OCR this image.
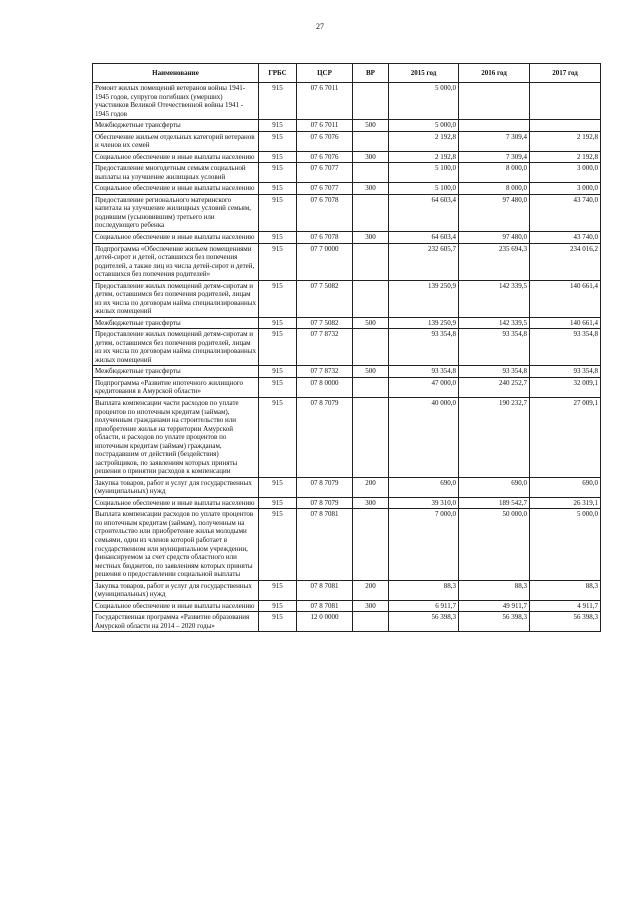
27
Наименование	ГРБС	ЦСР	ВР	2015 год	2016 год	2017 год
Ремонт жилых помещений ветеранов войны 1941-1945 годов, супругов погибших (умерших) участников Великой Отечественной войны 1941 - 1945 годов	915	07 6 7011		5 000,0		
Межбюджетные трансферты	915	07 6 7011	500	5 000,0		
Обеспечение жильем отдельных категорий ветеранов и членов их семей	915	07 6 7076		2 192,8	7 309,4	2 192,8
Социальное обеспечение и иные выплаты населению	915	07 6 7076	300	2 192,8	7 309,4	2 192,8
Предоставление многодетным семьям социальной выплаты на улучшение жилищных условий	915	07 6 7077		5 100,0	8 000,0	3 000,0
Социальное обеспечение и иные выплаты населению	915	07 6 7077	300	5 100,0	8 000,0	3 000,0
Предоставление регионального материнского капитала на улучшение жилищных условий семьям, родившим (усыновившим) третьего или последующего ребенка	915	07 6 7078		64 603,4	97 480,0	43 740,0
Социальное обеспечение и иные выплаты населению	915	07 6 7078	300	64 603,4	97 480,0	43 740,0
Подпрограмма «Обеспечение жильем помещениями детей-сирот и детей, оставшихся без попечения родителей, а также лиц из числа детей-сирот и детей, оставшихся без попечения родителей»	915	07 7 0000		232 605,7	235 694,3	234 016,2
Предоставление жилых помещений детям-сиротам и детям, оставшимся без попечения родителей, лицам из их числа по договорам найма специализированных жилых помещений	915	07 7 5082		139 250,9	142 339,5	140 661,4
Межбюджетные трансферты	915	07 7 5082	500	139 250,9	142 339,5	140 661,4
Предоставление жилых помещений детям-сиротам и детям, оставшимся без попечения родителей, лицам из их числа по договорам найма специализированных жилых помещений	915	07 7 8732		93 354,8	93 354,8	93 354,8
Межбюджетные трансферты	915	07 7 8732	500	93 354,8	93 354,8	93 354,8
Подпрограмма «Развитие ипотечного жилищного кредитования в Амурской области»	915	07 8 0000		47 000,0	240 252,7	32 009,1
Выплата компенсации части расходов по уплате процентов по ипотечным кредитам (займам), полученным гражданами на строительство или приобретение жилья на территории Амурской области, и расходов по уплате процентов по ипотечным кредитам (займам) гражданам, пострадавшим от действий (бездействия) застройщиков, по заявлениям которых приняты решения о принятии расходов к компенсации	915	07 8 7079		40 000,0	190 232,7	27 009,1
Закупка товаров, работ и услуг для государственных (муниципальных) нужд	915	07 8 7079	200	690,0	690,0	690,0
Социальное обеспечение и иные выплаты населению	915	07 8 7079	300	39 310,0	189 542,7	26 319,1
Выплата компенсации расходов по уплате процентов по ипотечным кредитам (займам), полученным на строительство или приобретение жилья молодыми семьями, один из членов которой работает в государственном или муниципальном учреждении, финансируемом за счет средств областного или местных бюджетов, по заявлениям которых приняты решения о предоставлении социальной выплаты	915	07 8 7081		7 000,0	50 000,0	5 000,0
Закупка товаров, работ и услуг для государственных (муниципальных) нужд	915	07 8 7081	200	88,3	88,3	88,3
Социальное обеспечение и иные выплаты населению	915	07 8 7081	300	6 911,7	49 911,7	4 911,7
Государственная программа «Развитие образования Амурской области на 2014 – 2020 годы»	915	12 0 0000		56 398,3	56 398,3	56 398,3
